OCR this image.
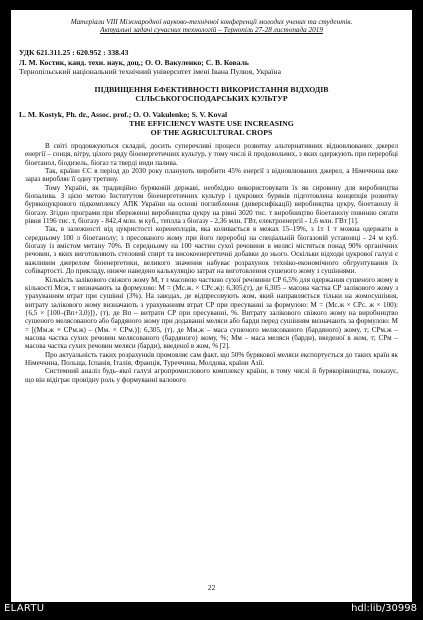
Матеріали VIII Міжнародної науково-технічної конференції молодих учених та студентів.
Актуальні задачі сучасних технологій – Тернопіль 27-28 листопада 2019
УДК 621.311.25 : 620.952 : 338.43
Л. М. Костик, канд. техн. наук, доц.; О. О. Вакуленко; С. В. Коваль
Тернопільський національний технічний університет імені Івана Пулюя, Україна
ПІДВИЩЕННЯ ЕФЕКТИВНОСТІ ВИКОРИСТАННЯ ВІДХОДІВ
СІЛЬСЬКОГОСПОДАРСЬКИХ КУЛЬТУР
L. M. Kostyk, Ph. dr., Assoc. prof.; O. O. Vakulenko; S. V. Koval
THE EFFICIENCY WASTE USE INCREASING
OF THE AGRICULTURAL CROPS

В світі продовжуються складні, досить суперечливі процеси розвитку альтернативних відновлюваних джерел енергії – сонця, вітру, цілого ряду біоенергетичних культур, у тому числі й продовольчих, з яких одержують при переробці біоетанол, біодизель, біогаз та тверді види палива.

Так, країни ЄС в період до 2030 року планують виробити 45% енергії з відновлюваних джерел, а Німеччина вже зараз виробляє її одну третину.

Тому Україні, як традиційно буряковій державі, необхідно використовувати їх як сировину для виробництва біопалива. З цією метою Інститутом біоенергетичних культур і цукрових буряків підготовлена концепція розвитку бурякоцукрового підкомплексу АПК України на основі поглиблення (диверсифікації) виробництва цукру, біоетанолу й біогазу. Згідно програми при збереженні виробництва цукру на рівні 3020 тис. т виробництво біоетанолу повинно сягати рівня 1196 тис. т, біогазу - 842,4 млн. м куб., теплла з біогазу - 2,36 млн. ГВт, електроенергії - 1,6 млн. ГВт [1].

Так, в залежності від цукристості коренеплодів, яка коливається в межах 15–19%, з 1т 1 т можна одержати в середньому 100 л біоетанолу; з пресованого жому при його переробці на спеціальній біогазовій установці - 24 м куб. біогазу із вмістом метану 70%. В середньому на 100 частин сухої речовини в мелясі містяться понад 90% органічних речовин, з яких виготовляють стеловий спирт та високоенергетичні добавки до нього. Оскільки відходи цукрової галузі є важливим джерелом біоенергетики, великого значення набуває розрахунок техніко-економічного обгрунтування їх собівартості. До прикладу, нижче наведено калькуляцію затрат на виготовлення сушеного жому з сушіннями.

Кількість залікового свіжого жому М, т з масовою часткою сухої речовини СР 6,5% для одержання сушеного жому в кількості Мсж, т визначають за формулою: М = (Мс.ж. × СРс.ж): 6,305,(т), де 6,305 – масова частка СР залікового жому з урахуванням втрат при сушінні (3%). На заводах, де відпресовують жом, який направляється тільки на жомосушіння, витрату залікового жому визначають з урахуванням втрат СР при пресуванні за формулою: М = (Мс.ж × СРс. ж × 100): {6,5 × [100–(Вп+3,0)]}, (т), де Вп – витрати СР при пресуванні, %. Витрату залікового свіжого жому на виробництво сушеного мелясованого або бардяного жому при додаванні меляси або барди перед сушінням визначають за формулою: М = [(Мм.ж × СРм.ж) – (Мм. × СРм.)]: 6,305, (т), де Мм.ж – маса сушеного мелясованого (бардяного) жому, т; СРм.ж – масова частка сухих речовин мелясованого (бардяного) жому, %; Мм – маса меляси (барди), введеної в жом, т; СРм – масова частка сухих речовин меляси (барди), введеної в жом, % [2].

Про актуальність таких розрахунків промовляє сам факт, що 50% бурякової меляси експортується до таких країн як Німеччина, Польща, Іспанія, Італія, Франція, Туреччина, Молдова, країни Азії.

Системний аналіз будь–якої галузі агропромислового комплексу країни, в тому числі й бурякорівництва, показує, що він відіграє провідну роль у формуванні валового

22
ELARTU	hdl:lib/30998
